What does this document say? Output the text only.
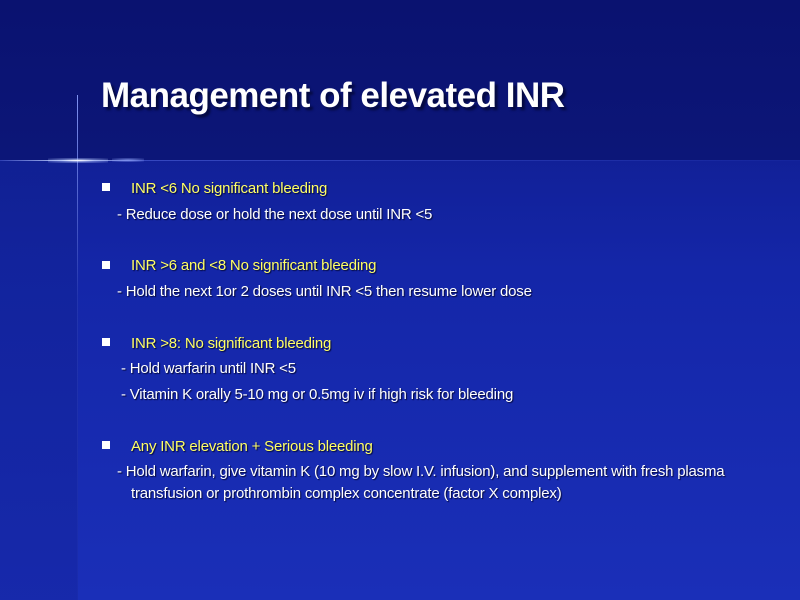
Management of elevated INR
INR <6 No significant bleeding
- Reduce dose or hold the next dose until INR <5
INR >6 and <8 No significant bleeding
- Hold the next 1or 2 doses until INR <5 then resume lower dose
INR >8: No significant bleeding
- Hold warfarin until INR <5
- Vitamin K orally 5-10 mg or 0.5mg iv if high risk for bleeding
Any INR elevation + Serious bleeding
- Hold warfarin, give vitamin K (10 mg by slow I.V. infusion), and supplement with fresh plasma
transfusion or prothrombin complex concentrate (factor X complex)
